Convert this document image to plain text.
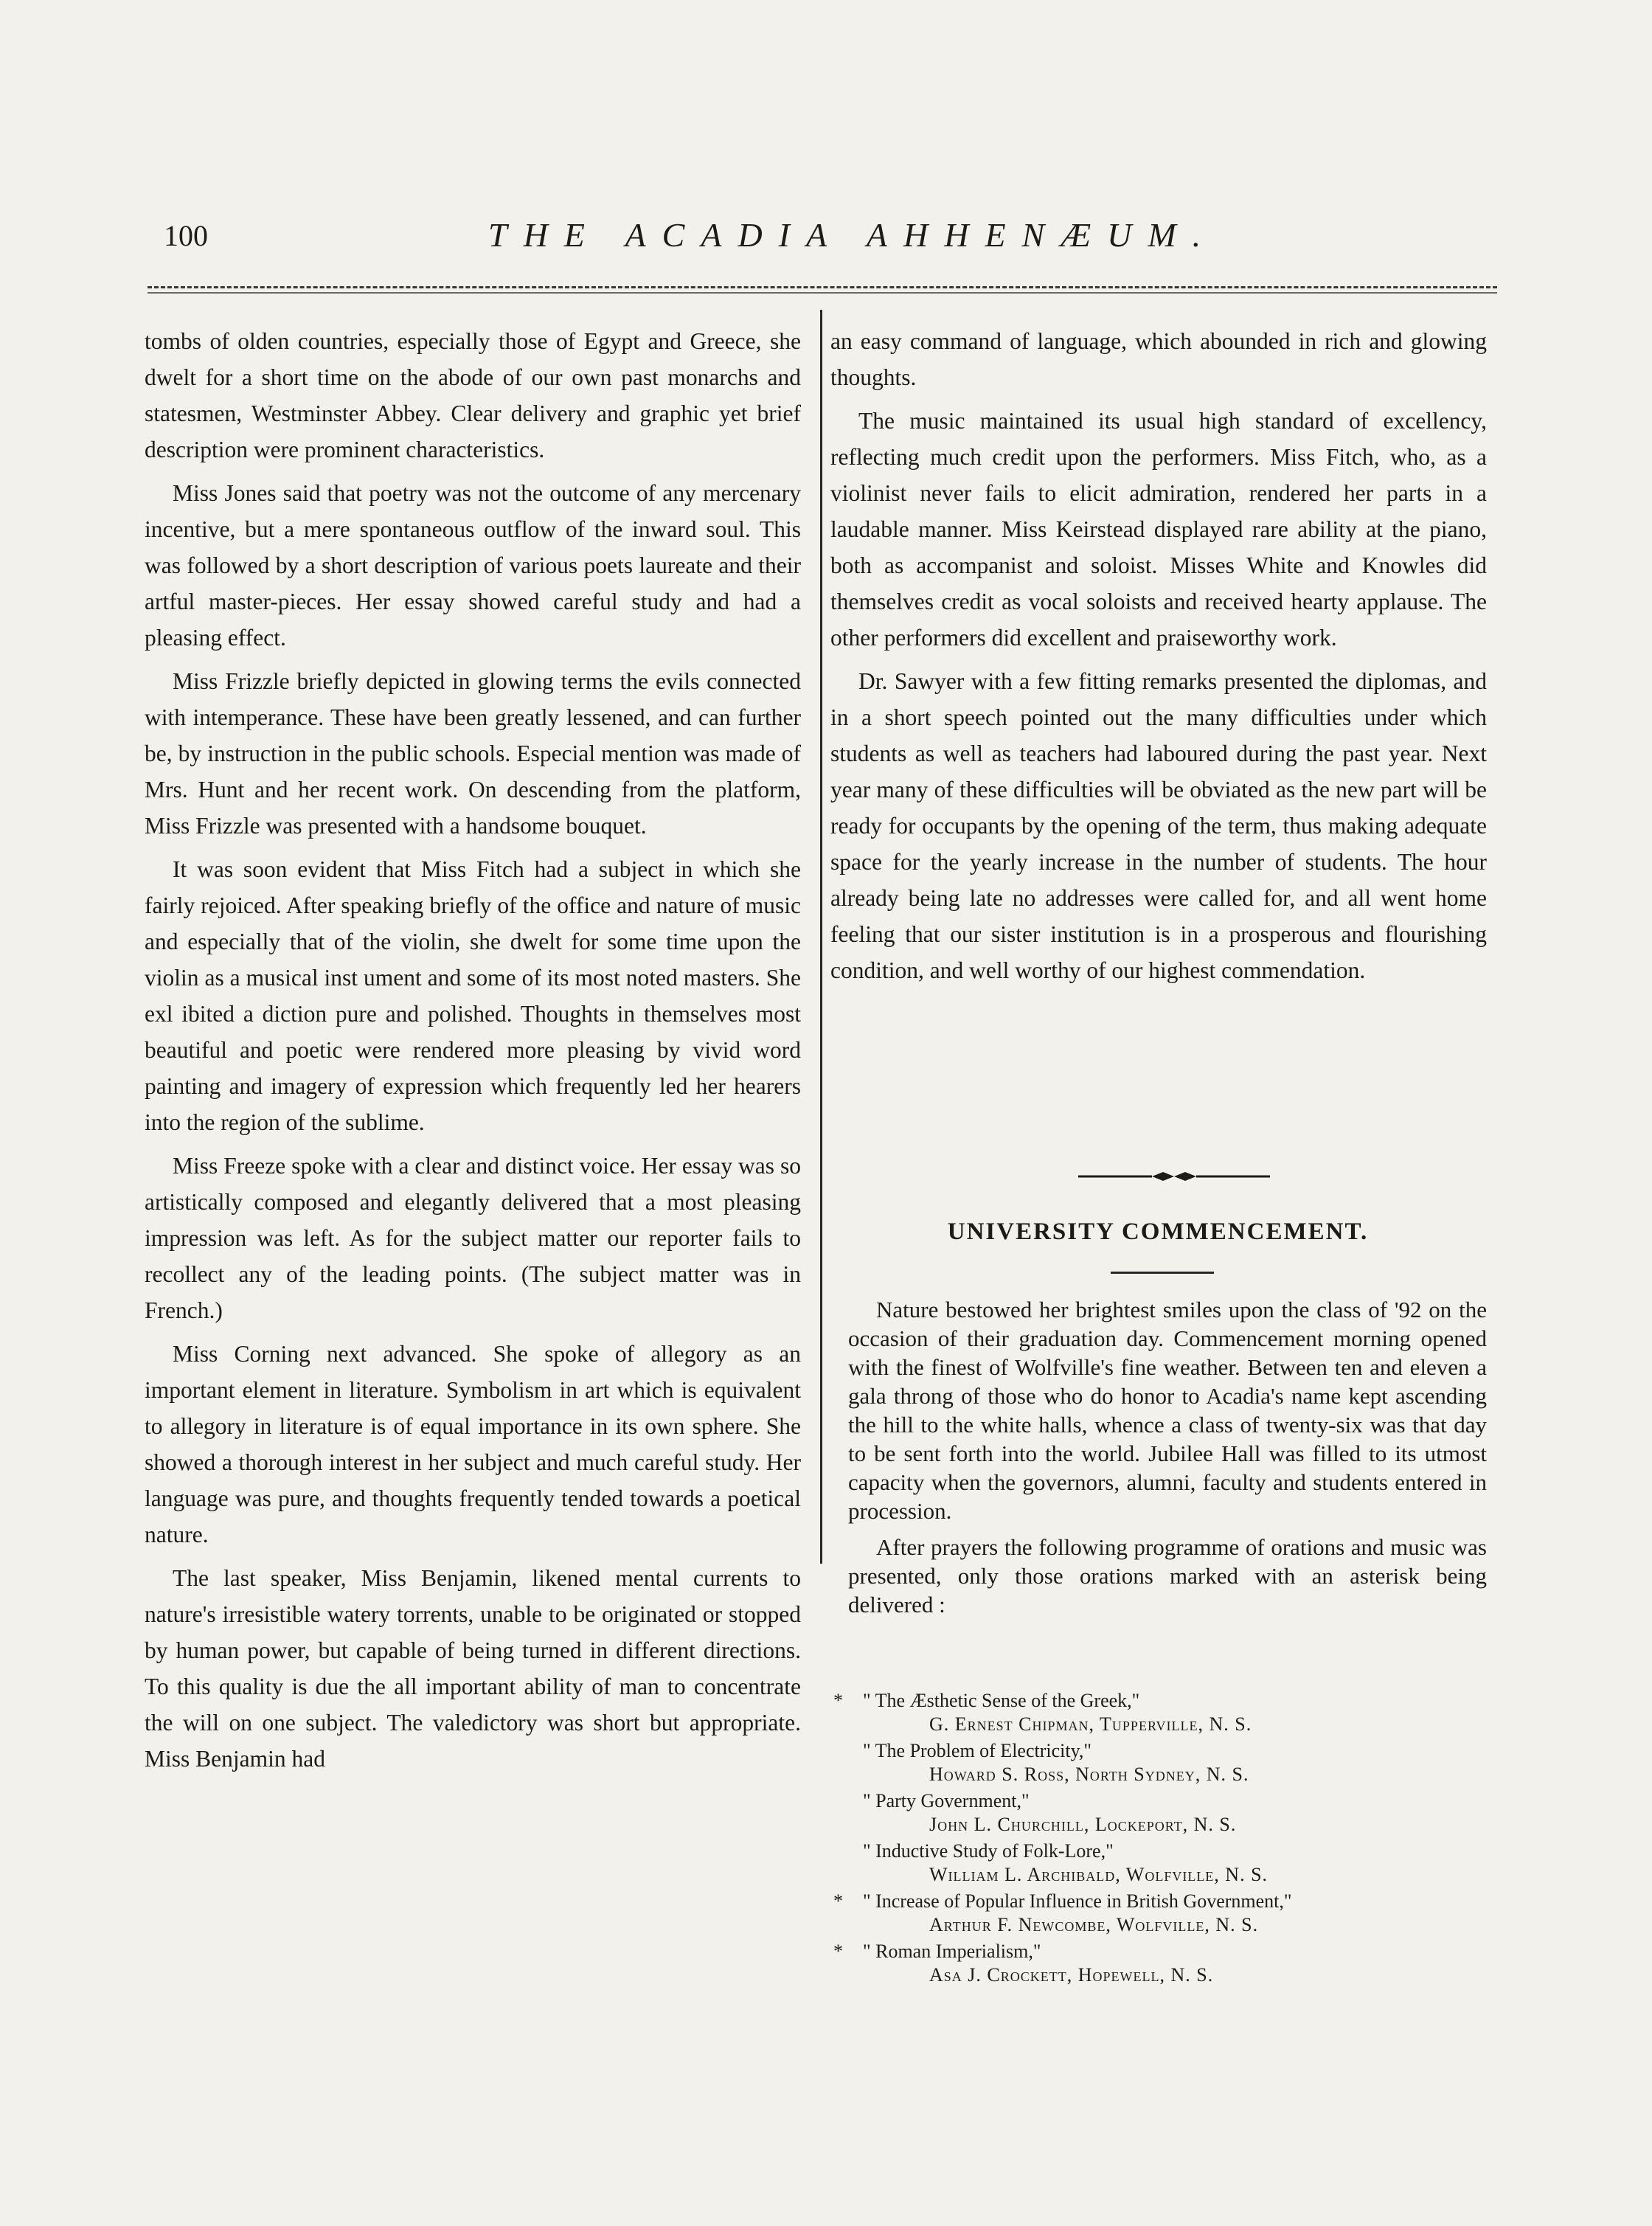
100	THE ACADIA AHHENÆUM.

tombs of olden countries, especially those of Egypt and Greece, she dwelt for a short time on the abode of our own past monarchs and statesmen, Westminster Abbey. Clear delivery and graphic yet brief description were prominent characteristics.

Miss Jones said that poetry was not the outcome of any mercenary incentive, but a mere spontaneous outflow of the inward soul. This was followed by a short description of various poets laureate and their artful master-pieces. Her essay showed careful study and had a pleasing effect.

Miss Frizzle briefly depicted in glowing terms the evils connected with intemperance. These have been greatly lessened, and can further be, by instruction in the public schools. Especial mention was made of Mrs. Hunt and her recent work. On descending from the platform, Miss Frizzle was presented with a handsome bouquet.

It was soon evident that Miss Fitch had a subject in which she fairly rejoiced. After speaking briefly of the office and nature of music and especially that of the violin, she dwelt for some time upon the violin as a musical inst ument and some of its most noted masters. She exl ibited a diction pure and polished. Thoughts in themselves most beautiful and poetic were rendered more pleasing by vivid word painting and imagery of expression which frequently led her hearers into the region of the sublime.

Miss Freeze spoke with a clear and distinct voice. Her essay was so artistically composed and elegantly delivered that a most pleasing impression was left. As for the subject matter our reporter fails to recollect any of the leading points. (The subject matter was in French.)

Miss Corning next advanced. She spoke of allegory as an important element in literature. Symbolism in art which is equivalent to allegory in literature is of equal importance in its own sphere. She showed a thorough interest in her subject and much careful study. Her language was pure, and thoughts frequently tended towards a poetical nature.

The last speaker, Miss Benjamin, likened mental currents to nature's irresistible watery torrents, unable to be originated or stopped by human power, but capable of being turned in different directions. To this quality is due the all important ability of man to concentrate the will on one subject. The valedictory was short but appropriate. Miss Benjamin had

an easy command of language, which abounded in rich and glowing thoughts.

The music maintained its usual high standard of excellency, reflecting much credit upon the performers. Miss Fitch, who, as a violinist never fails to elicit admiration, rendered her parts in a laudable manner. Miss Keirstead displayed rare ability at the piano, both as accompanist and soloist. Misses White and Knowles did themselves credit as vocal soloists and received hearty applause. The other performers did excellent and praiseworthy work.

Dr. Sawyer with a few fitting remarks presented the diplomas, and in a short speech pointed out the many difficulties under which students as well as teachers had laboured during the past year. Next year many of these difficulties will be obviated as the new part will be ready for occupants by the opening of the term, thus making adequate space for the yearly increase in the number of students. The hour already being late no addresses were called for, and all went home feeling that our sister institution is in a prosperous and flourishing condition, and well worthy of our highest commendation.

UNIVERSITY COMMENCEMENT.

Nature bestowed her brightest smiles upon the class of '92 on the occasion of their graduation day. Commencement morning opened with the finest of Wolfville's fine weather. Between ten and eleven a gala throng of those who do honor to Acadia's name kept ascending the hill to the white halls, whence a class of twenty-six was that day to be sent forth into the world. Jubilee Hall was filled to its utmost capacity when the governors, alumni, faculty and students entered in procession.

After prayers the following programme of orations and music was presented, only those orations marked with an asterisk being delivered :

*	" The Æsthetic Sense of the Greek,"
G. Ernest Chipman, Tupperville, N. S.
" The Problem of Electricity,"
Howard S. Ross, North Sydney, N. S.
" Party Government,"
John L. Churchill, Lockeport, N. S.
" Inductive Study of Folk-Lore,"
William L. Archibald, Wolfville, N. S.
*	" Increase of Popular Influence in British Government,"
Arthur F. Newcombe, Wolfville, N. S.
*	" Roman Imperialism,"
Asa J. Crockett, Hopewell, N. S.
